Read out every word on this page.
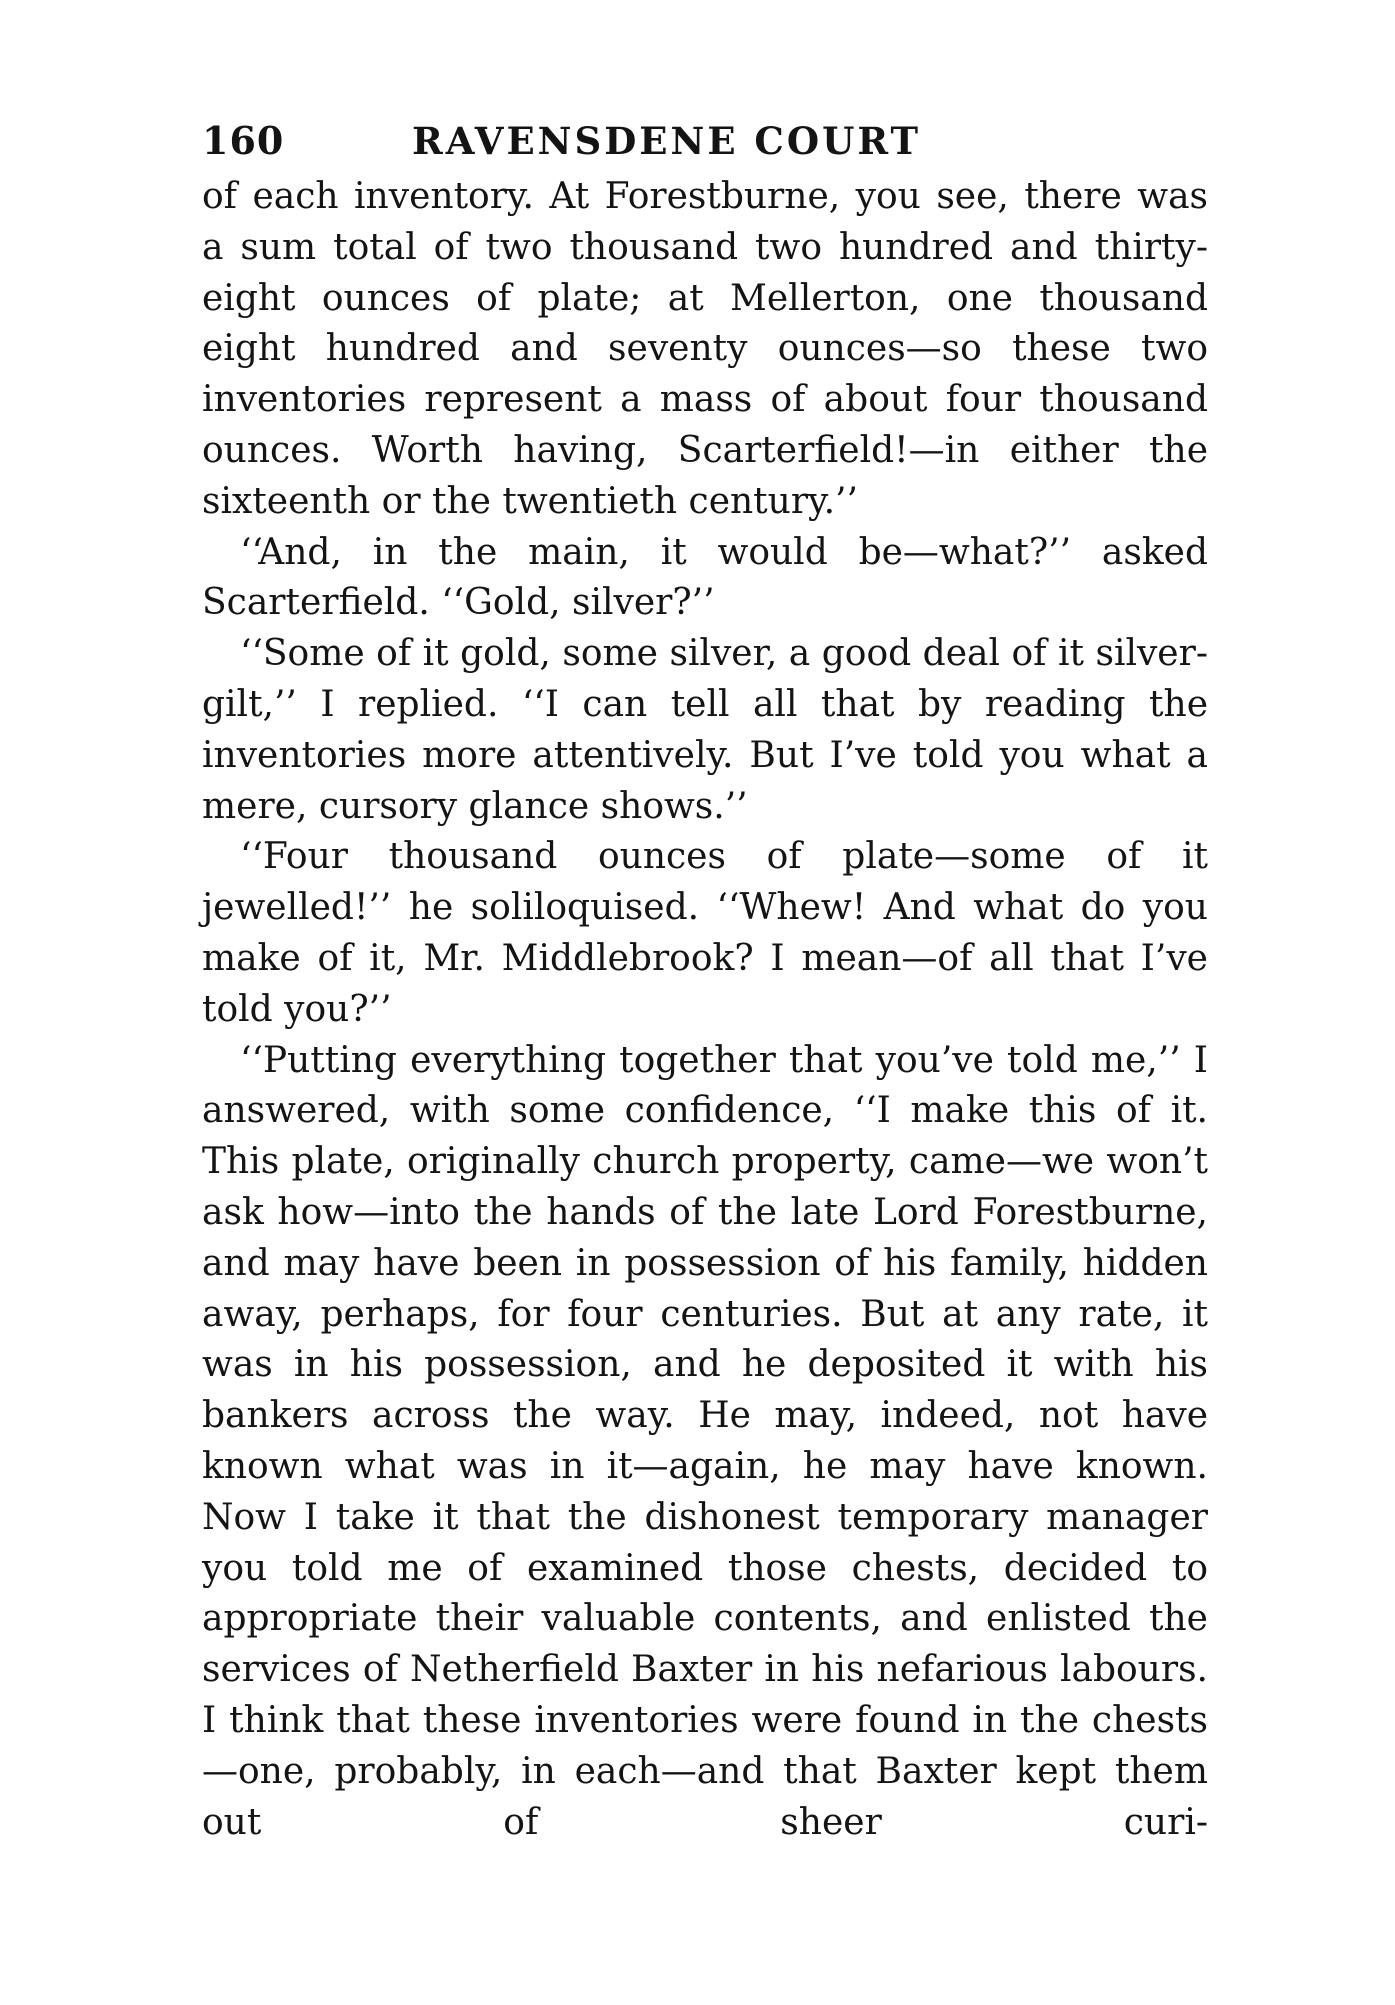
160	RAVENSDENE COURT

of each inventory. At Forestburne, you see, there was a sum total of two thousand two hundred and thirty-eight ounces of plate; at Mellerton, one thousand eight hundred and seventy ounces—so these two inventories represent a mass of about four thousand ounces. Worth having, Scarterfield!—in either the sixteenth or the twentieth century.’’

‘‘And, in the main, it would be—what?’’ asked Scarterfield. ‘‘Gold, silver?’’

‘‘Some of it gold, some silver, a good deal of it silver-gilt,’’ I replied. ‘‘I can tell all that by reading the inventories more attentively. But I’ve told you what a mere, cursory glance shows.’’

‘‘Four thousand ounces of plate—some of it jewelled!’’ he soliloquised. ‘‘Whew! And what do you make of it, Mr. Middlebrook? I mean—of all that I’ve told you?’’

‘‘Putting everything together that you’ve told me,’’ I answered, with some confidence, ‘‘I make this of it. This plate, originally church property, came—we won’t ask how—into the hands of the late Lord Forestburne, and may have been in possession of his family, hidden away, perhaps, for four centuries. But at any rate, it was in his possession, and he deposited it with his bankers across the way. He may, indeed, not have known what was in it—again, he may have known. Now I take it that the dishonest temporary manager you told me of examined those chests, decided to appropriate their valuable contents, and enlisted the services of Netherfield Baxter in his nefarious labours. I think that these inventories were found in the chests—one, probably, in each—and that Baxter kept them out of sheer curi-
